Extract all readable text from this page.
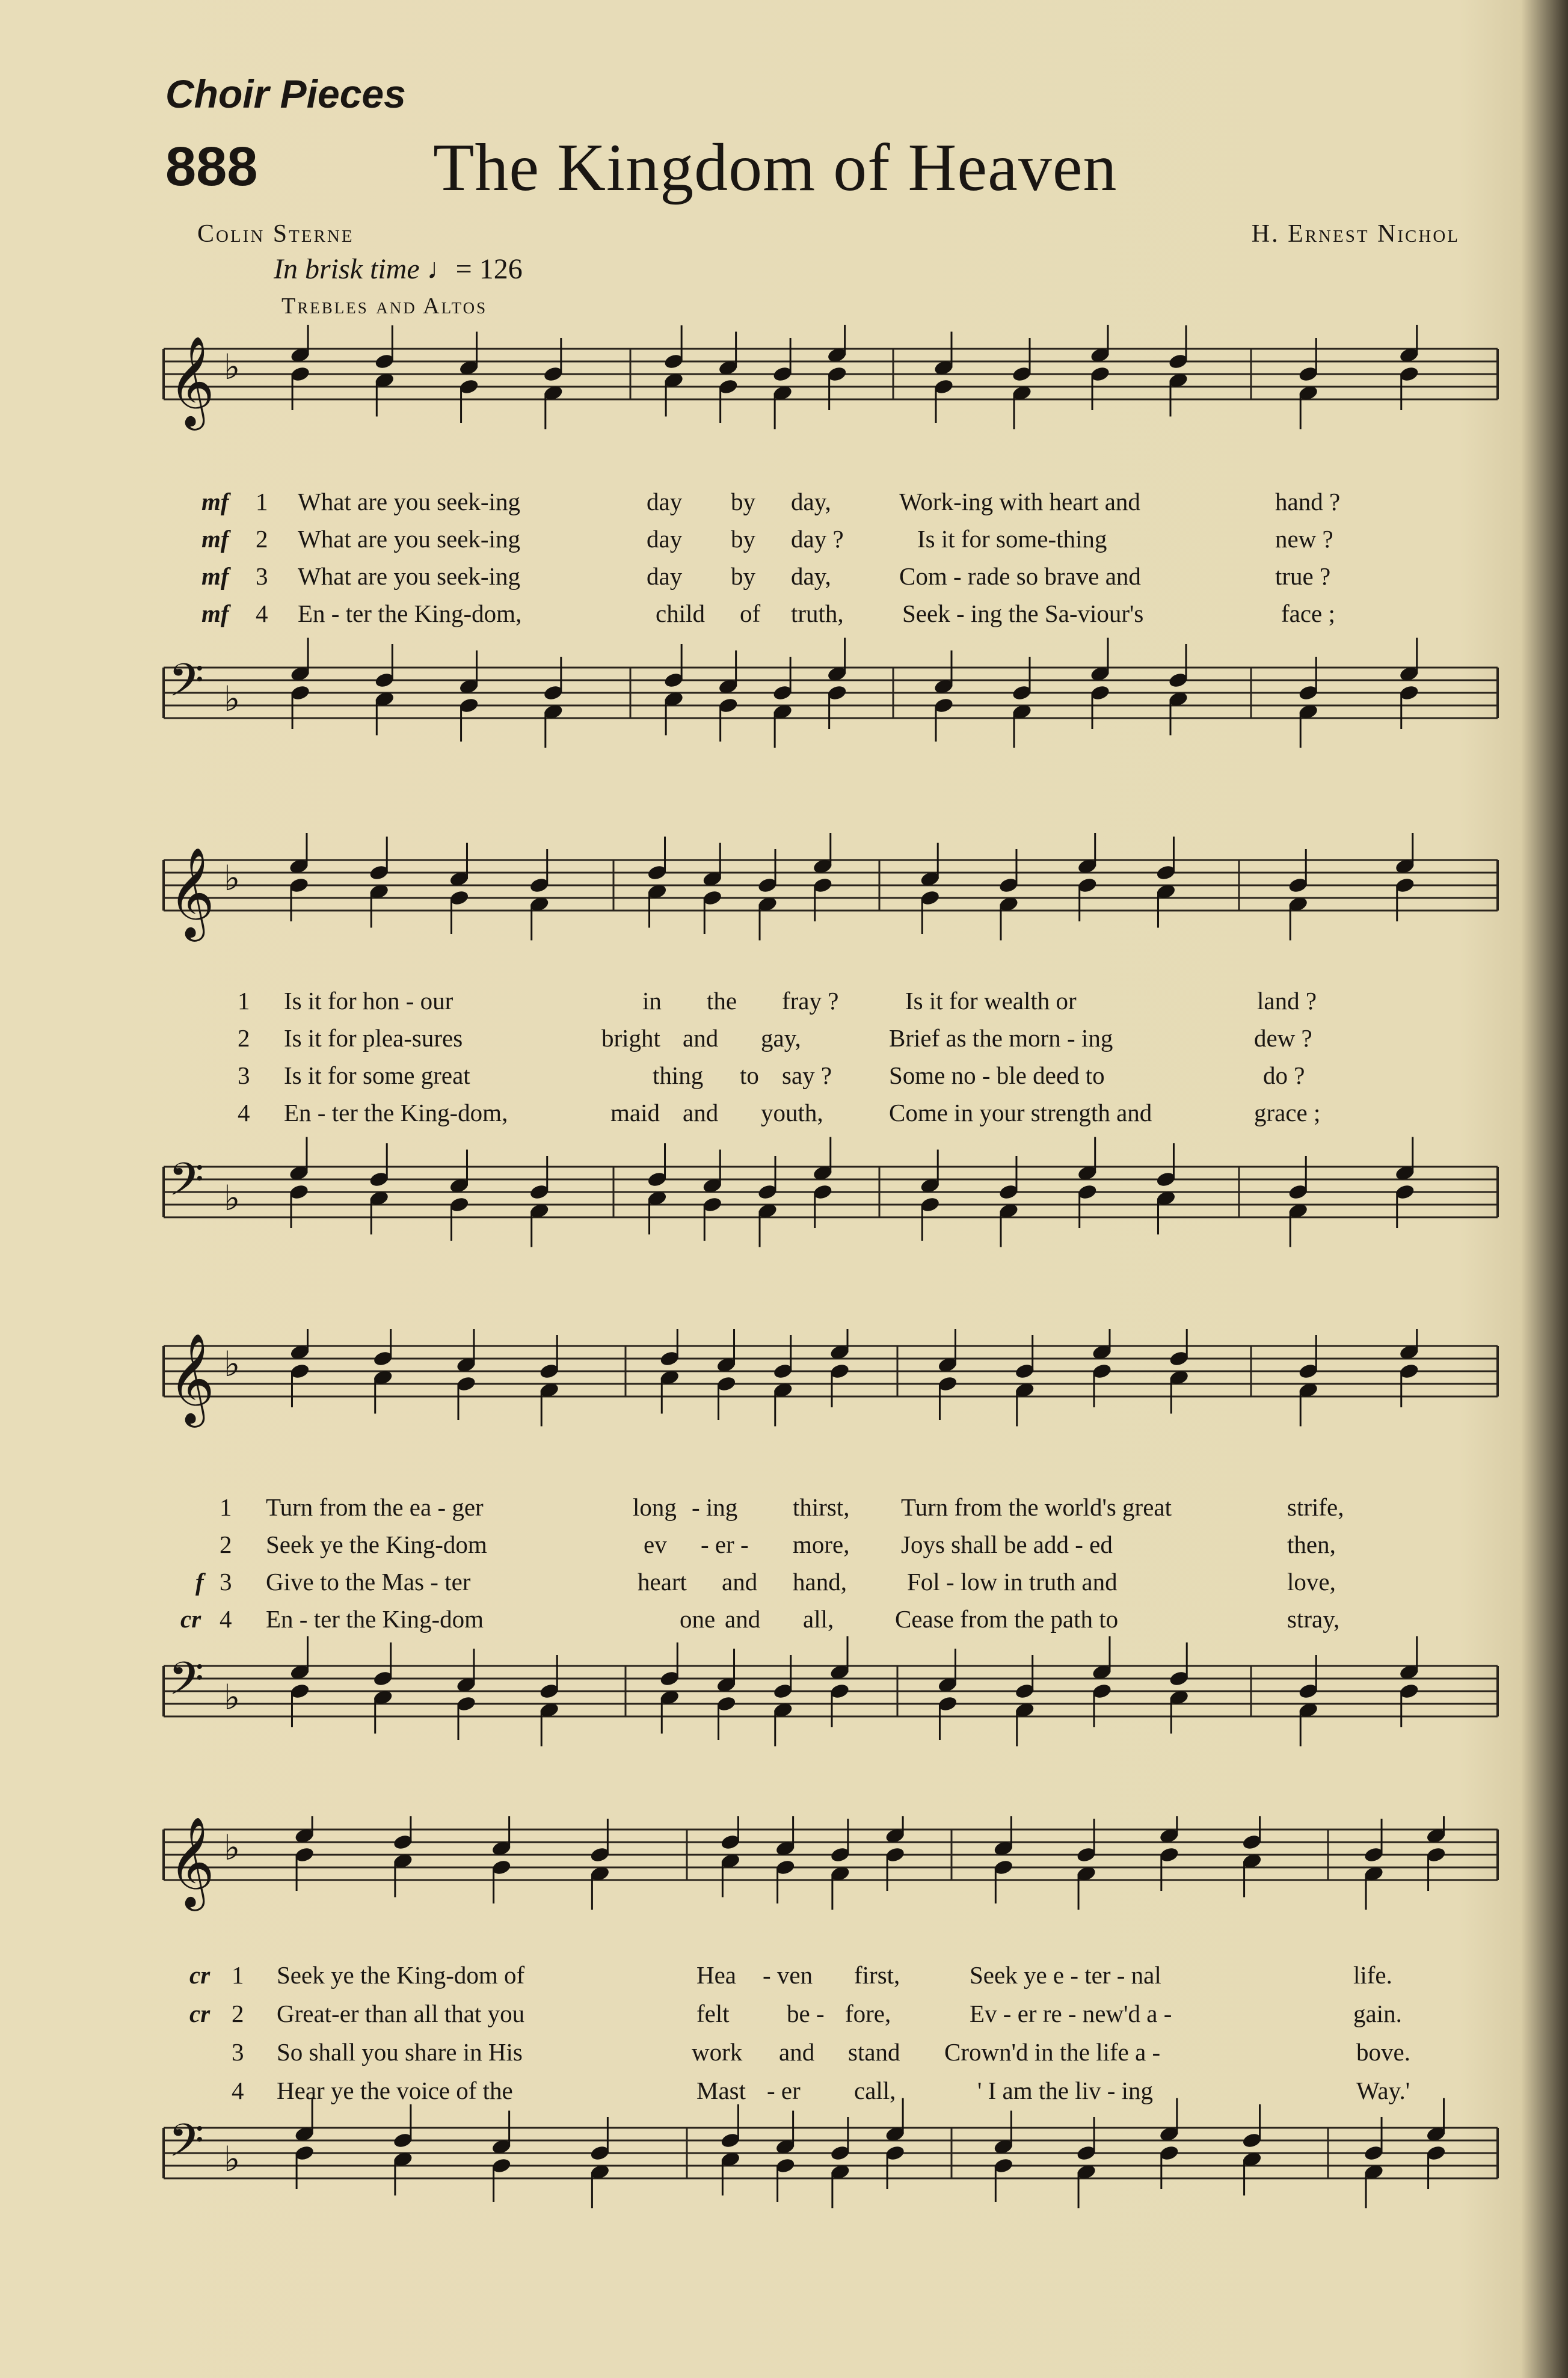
Choir Pieces
888	The Kingdom of Heaven
Colin Sterne	H. Ernest Nichol
In brisk time ♩= 126
Trebles and Altos
𝄞 ♭
𝄢 ♭
mf 1 What are you seek-ing	day by day,	Work-ing with heart and	hand ?
mf 2 What are you seek-ing	day by day ?	Is it for some-thing	new ?
mf 3 What are you seek-ing	day by day,	Com - rade so brave and	true ?
mf 4 En - ter the King-dom,	child of truth, Seek - ing the Sa-viour's	face ;
𝄞 ♭
𝄢 ♭
1 Is it for hon - our	in the fray ?	Is it for wealth or	land ?
2 Is it for plea-sures	bright and gay,	Brief as the morn - ing	dew ?
3 Is it for some great	thing to say ? Some no - ble deed to	do ?
4 En - ter the King-dom,	maid and youth,	Come in your strength and	grace ;
𝄞 ♭
𝄢 ♭
1 Turn from the ea - ger	long - ing thirst, Turn from the world's great	strife,
2 Seek ye the King-dom	ev - er - more, Joys shall be add - ed	then,
f 3 Give to the Mas - ter	heart and hand, Fol - low in truth and	love,
cr 4 En - ter the King-dom	one and all, Cease from the path to	stray,
𝄞 ♭
𝄢 ♭
cr 1 Seek ye the King-dom of	Hea - ven first,	Seek ye e - ter - nal	life.
cr 2 Great-er than all that you	felt be - fore,	Ev - er re - new'd a -	gain.
3 So shall you share in His	work and stand Crown'd in the life a -	bove.
4 Hear ye the voice of the	Mast - er call,	' I am the liv - ing	Way.'
